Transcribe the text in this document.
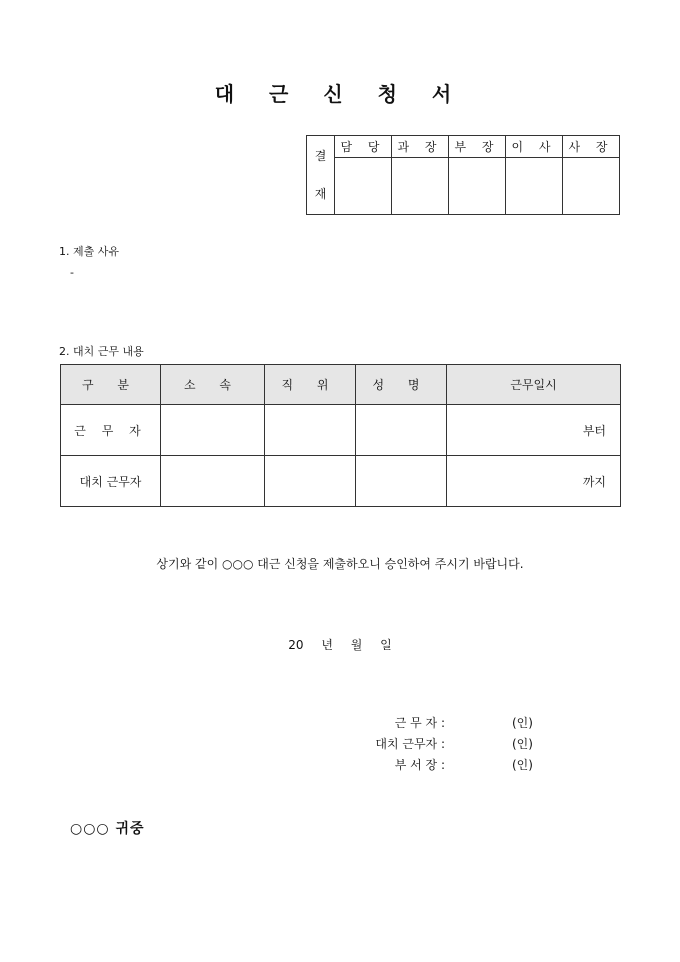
대 근 신 청 서
결
재	담 당	과 장	부 장	이 사	사 장

1. 제출 사유
-
2. 대치 근무 내용
구 분	소 속	직 위	성 명	근무일시
근 무 자				부터
대치 근무자				까지
상기와 같이 ○○○ 대근 신청을 제출하오니 승인하여 주시기 바랍니다.
20 년 월 일
근 무 자 :	(인)
대치 근무자 :	(인)
부 서 장 :	(인)
○○○ 귀중
